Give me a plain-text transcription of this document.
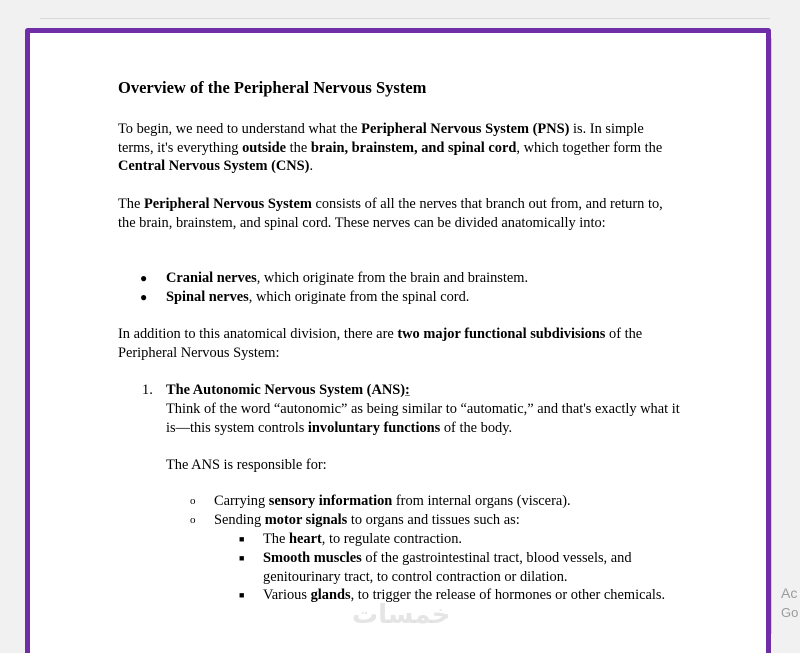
Overview of the Peripheral Nervous System

To begin, we need to understand what the Peripheral Nervous System (PNS) is. In simple terms, it's everything outside the brain, brainstem, and spinal cord, which together form the Central Nervous System (CNS).

The Peripheral Nervous System consists of all the nerves that branch out from, and return to, the brain, brainstem, and spinal cord. These nerves can be divided anatomically into:

● Cranial nerves, which originate from the brain and brainstem.
● Spinal nerves, which originate from the spinal cord.

In addition to this anatomical division, there are two major functional subdivisions of the Peripheral Nervous System:

1. The Autonomic Nervous System (ANS):
Think of the word “autonomic” as being similar to “automatic,” and that's exactly what it is—this system controls involuntary functions of the body.
The ANS is responsible for:
o Carrying sensory information from internal organs (viscera).
o Sending motor signals to organs and tissues such as:
■ The heart, to regulate contraction.
■ Smooth muscles of the gastrointestinal tract, blood vessels, and genitourinary tract, to control contraction or dilation.
■ Various glands, to trigger the release of hormones or other chemicals.
خمسات
Ac
Go
